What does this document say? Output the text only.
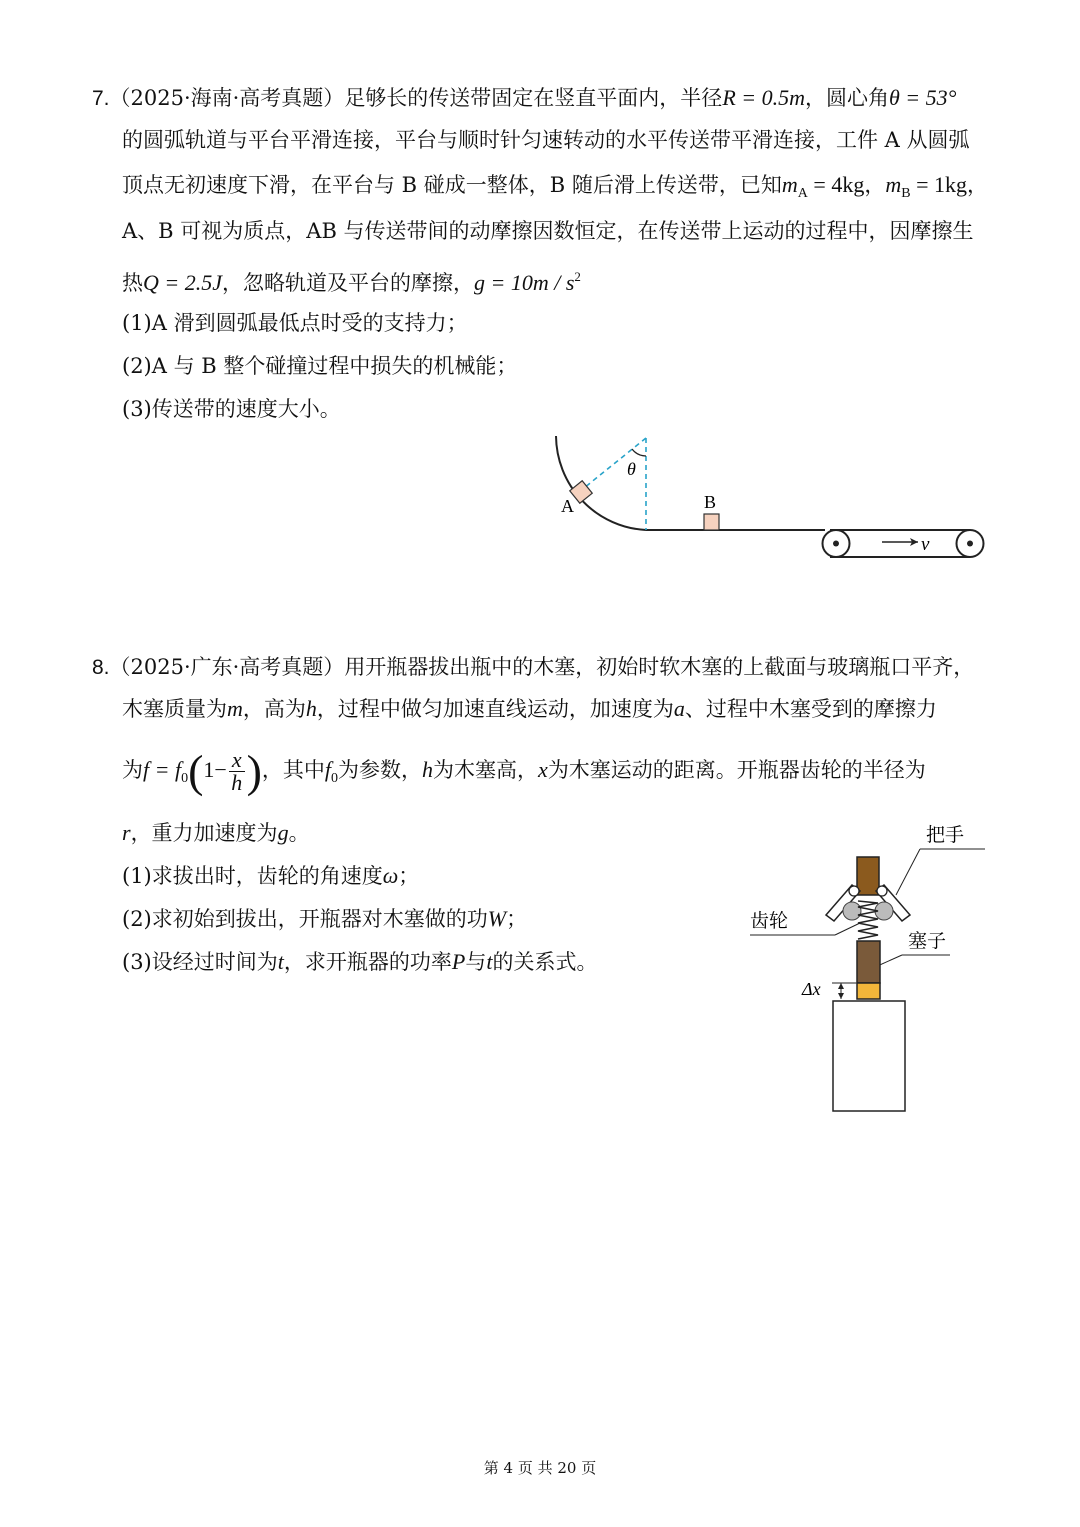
7.（2025·海南·高考真题）足够长的传送带固定在竖直平面内，半径R = 0.5m，圆心角θ = 53°
的圆弧轨道与平台平滑连接，平台与顺时针匀速转动的水平传送带平滑连接，工件 A 从圆弧
顶点无初速度下滑，在平台与 B 碰成一整体，B 随后滑上传送带，已知$m_A = 4kg$，$m_B = 1kg$，
A、B 可视为质点，AB 与传送带间的动摩擦因数恒定，在传送带上运动的过程中，因摩擦生
热Q = 2.5J，忽略轨道及平台的摩擦，$g = 10m / s^2$
(1)A 滑到圆弧最低点时受的支持力；
(2)A 与 B 整个碰撞过程中损失的机械能；
(3)传送带的速度大小。
θ
A	B
v
8.（2025·广东·高考真题）用开瓶器拔出瓶中的木塞，初始时软木塞的上截面与玻璃瓶口平齐，
木塞质量为m，高为h，过程中做匀加速直线运动，加速度为a、过程中木塞受到的摩擦力
为$f = f_0(1- \frac{x}{h}$ )，其中$f_0$为参数，h为木塞高，x为木塞运动的距离。开瓶器齿轮的半径为
r，重力加速度为g。
(1)求拔出时，齿轮的角速度ω；
(2)求初始到拔出，开瓶器对木塞做的功W；
(3)设经过时间为t，求开瓶器的功率P与t的关系式。
把手
齿轮
塞子
Δx
第 4 页 共 20 页
